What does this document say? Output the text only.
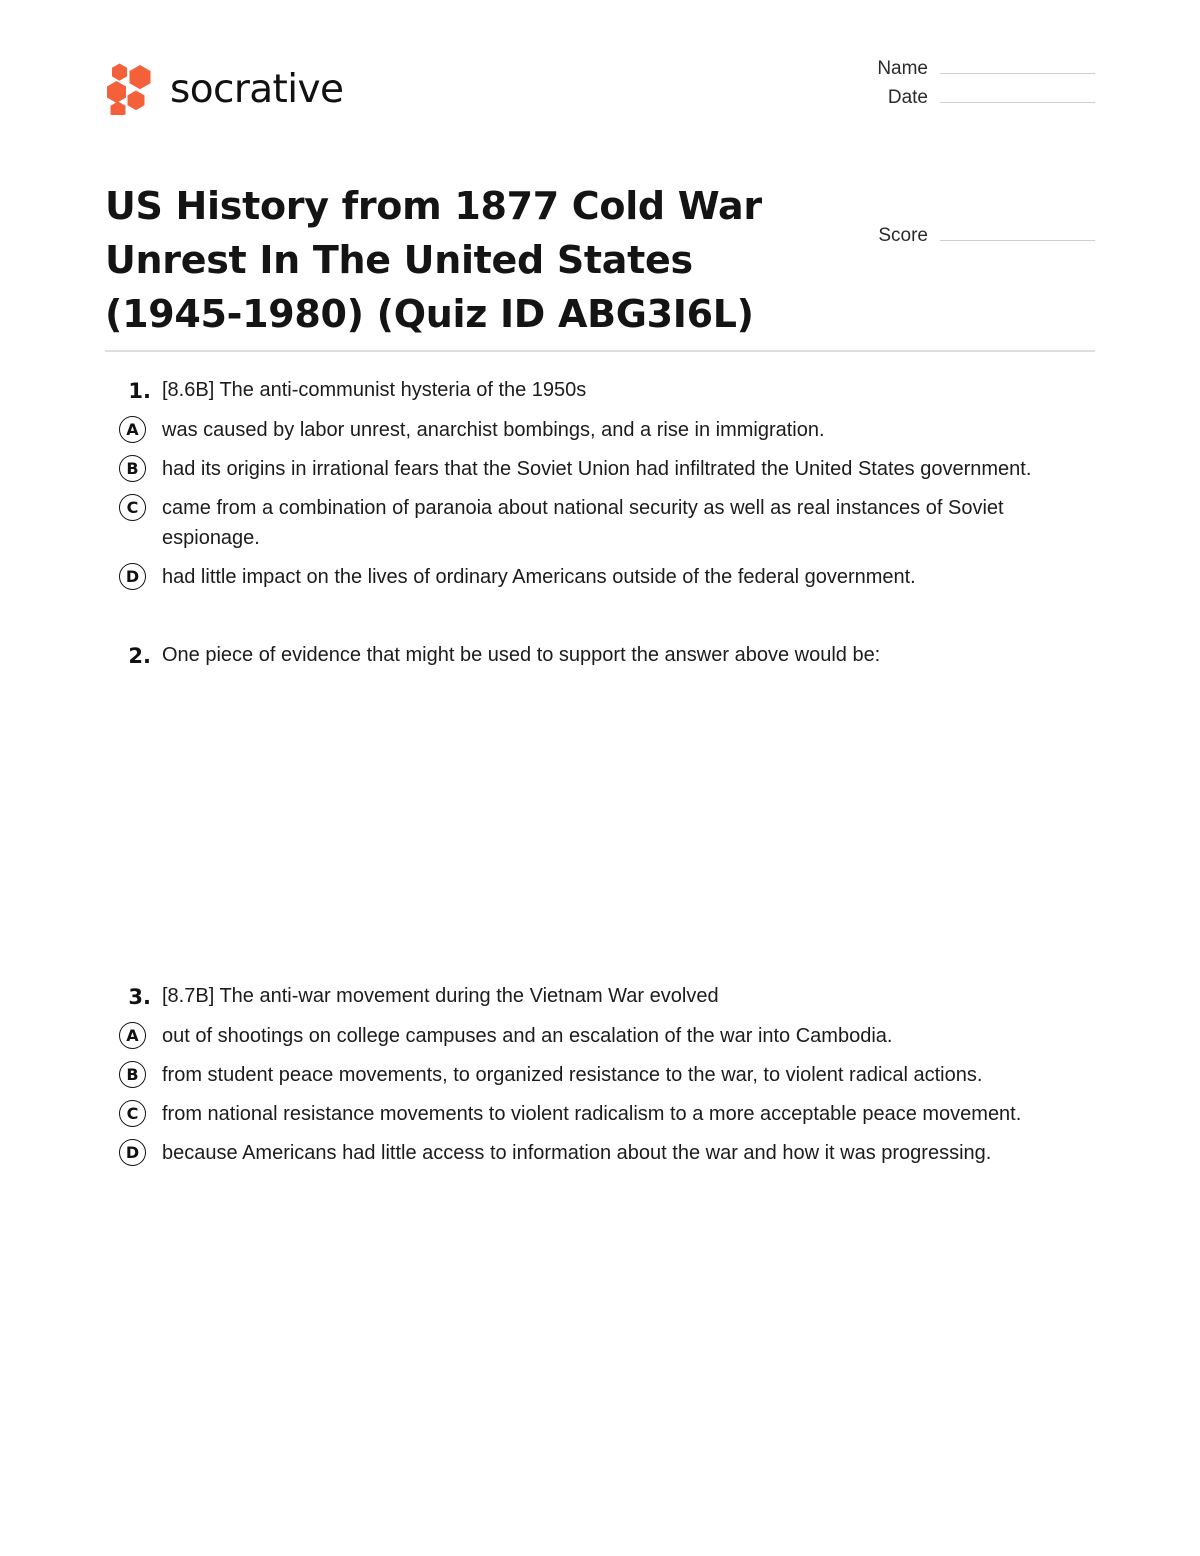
socrative	Name
Date
Score
US History from 1877 Cold War Unrest In The United States (1945-1980) (Quiz ID ABG3I6L)
1. [8.6B] The anti-communist hysteria of the 1950s
A	was caused by labor unrest, anarchist bombings, and a rise in immigration.
B	had its origins in irrational fears that the Soviet Union had infiltrated the United States government.
C	came from a combination of paranoia about national security as well as real instances of Soviet espionage.
D	had little impact on the lives of ordinary Americans outside of the federal government.
2. One piece of evidence that might be used to support the answer above would be:
3. [8.7B] The anti-war movement during the Vietnam War evolved
A	out of shootings on college campuses and an escalation of the war into Cambodia.
B	from student peace movements, to organized resistance to the war, to violent radical actions.
C	from national resistance movements to violent radicalism to a more acceptable peace movement.
D	because Americans had little access to information about the war and how it was progressing.
